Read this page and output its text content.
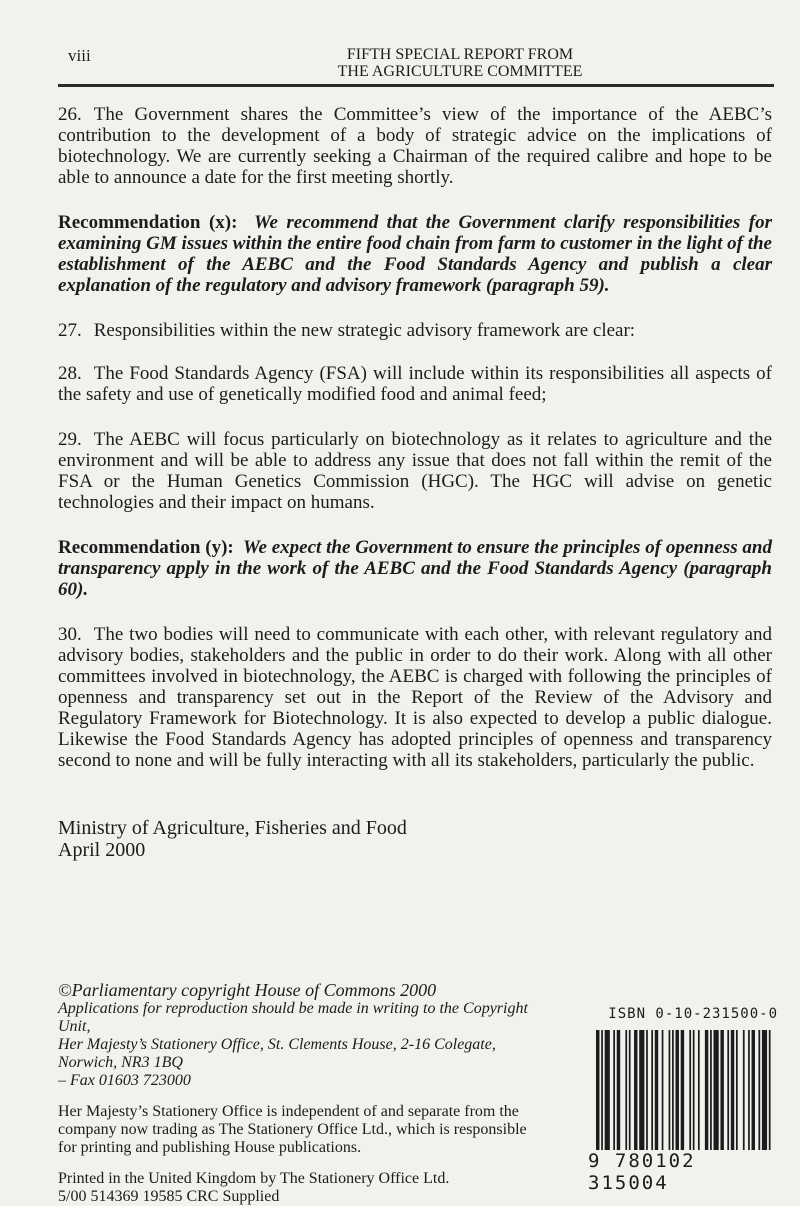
viii	FIFTH SPECIAL REPORT FROM
THE AGRICULTURE COMMITTEE

26. The Government shares the Committee’s view of the importance of the AEBC’s contribution to the development of a body of strategic advice on the implications of biotechnology. We are currently seeking a Chairman of the required calibre and hope to be able to announce a date for the first meeting shortly.

Recommendation (x): We recommend that the Government clarify responsibilities for examining GM issues within the entire food chain from farm to customer in the light of the establishment of the AEBC and the Food Standards Agency and publish a clear explanation of the regulatory and advisory framework (paragraph 59).

27. Responsibilities within the new strategic advisory framework are clear:

28. The Food Standards Agency (FSA) will include within its responsibilities all aspects of the safety and use of genetically modified food and animal feed;

29. The AEBC will focus particularly on biotechnology as it relates to agriculture and the environment and will be able to address any issue that does not fall within the remit of the FSA or the Human Genetics Commission (HGC). The HGC will advise on genetic technologies and their impact on humans.

Recommendation (y): We expect the Government to ensure the principles of openness and transparency apply in the work of the AEBC and the Food Standards Agency (paragraph 60).

30. The two bodies will need to communicate with each other, with relevant regulatory and advisory bodies, stakeholders and the public in order to do their work. Along with all other committees involved in biotechnology, the AEBC is charged with following the principles of openness and transparency set out in the Report of the Review of the Advisory and Regulatory Framework for Biotechnology. It is also expected to develop a public dialogue. Likewise the Food Standards Agency has adopted principles of openness and transparency second to none and will be fully interacting with all its stakeholders, particularly the public.

Ministry of Agriculture, Fisheries and Food
April 2000

©Parliamentary copyright House of Commons 2000

Applications for reproduction should be made in writing to the Copyright Unit,

Her Majesty’s Stationery Office, St. Clements House, 2-16 Colegate, Norwich, NR3 1BQ

– Fax 01603 723000

Her Majesty’s Stationery Office is independent of and separate from the company now trading as The Stationery Office Ltd., which is responsible for printing and publishing House publications.

Printed in the United Kingdom by The Stationery Office Ltd.

5/00 514369 19585 CRC Supplied

ISBN 0-10-231500-0
9 780102 315004
